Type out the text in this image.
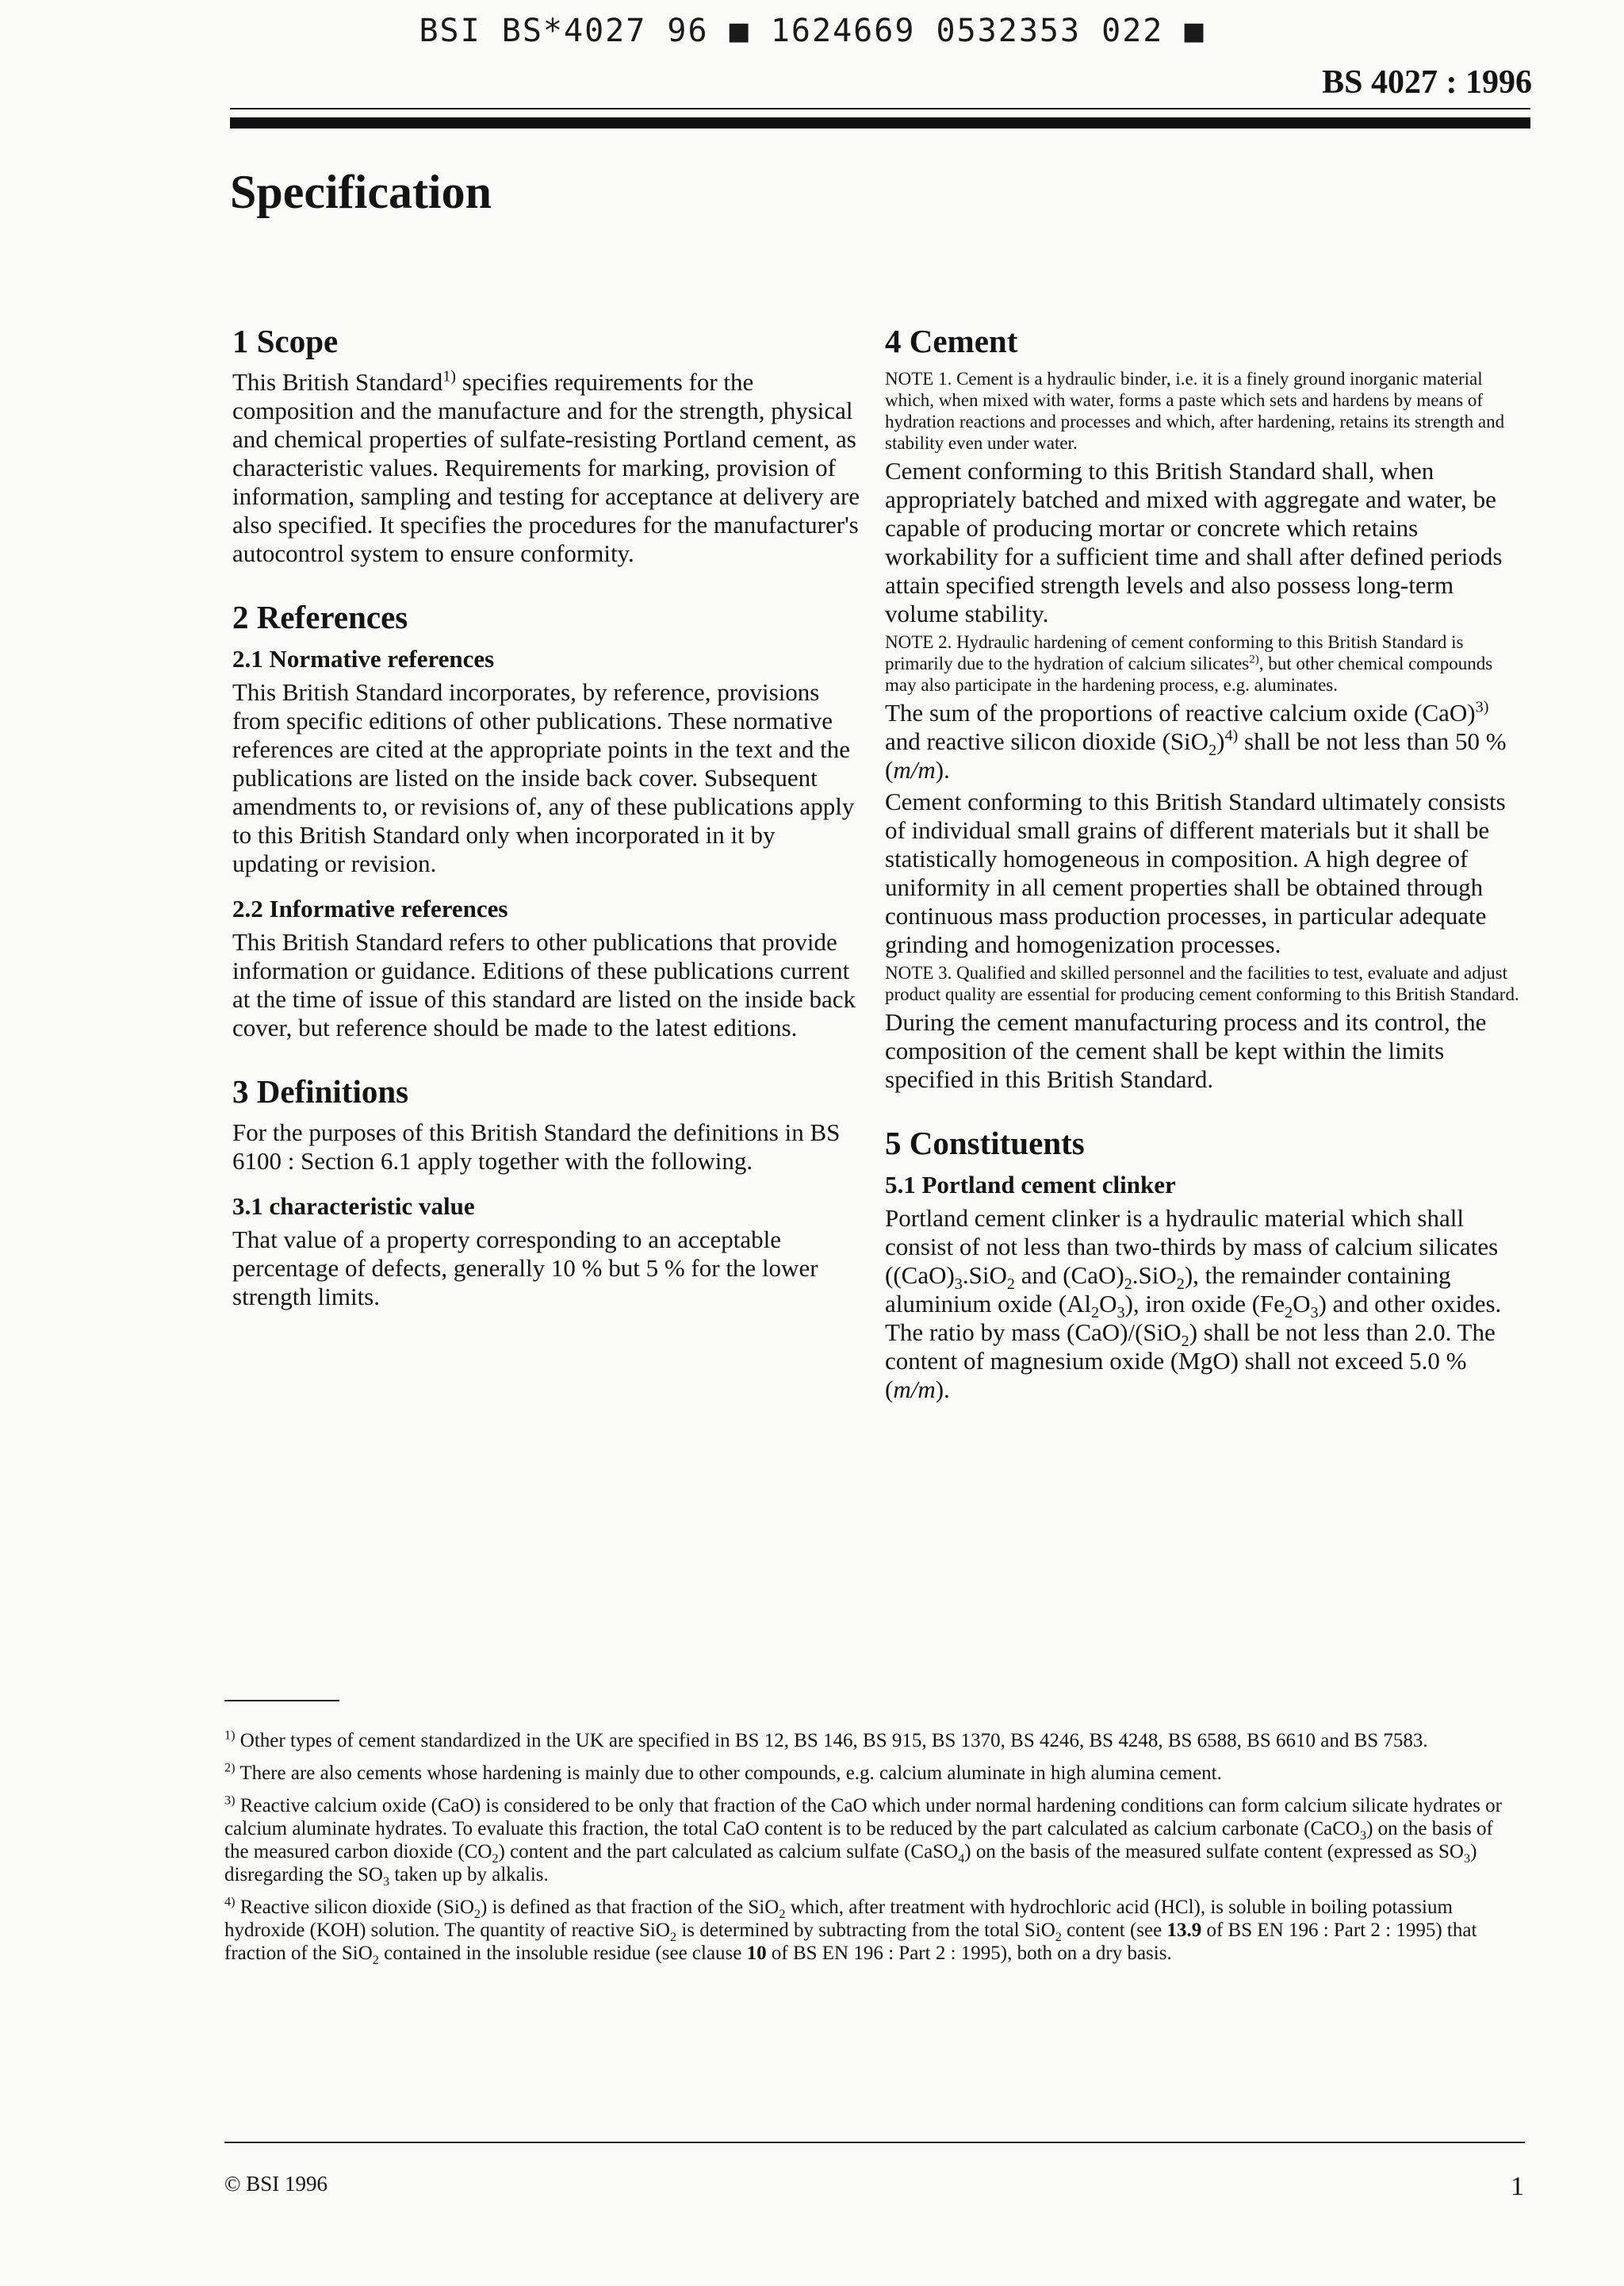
BSI BS*4027 96 ■ 1624669 0532353 022 ■
BS 4027 : 1996
Specification
1 Scope

This British Standard$^{1)}$ specifies requirements for the composition and the manufacture and for the strength, physical and chemical properties of sulfate-resisting Portland cement, as characteristic values. Requirements for marking, provision of information, sampling and testing for acceptance at delivery are also specified. It specifies the procedures for the manufacturer's autocontrol system to ensure conformity.

2 References
2.1 Normative references

This British Standard incorporates, by reference, provisions from specific editions of other publications. These normative references are cited at the appropriate points in the text and the publications are listed on the inside back cover. Subsequent amendments to, or revisions of, any of these publications apply to this British Standard only when incorporated in it by updating or revision.

2.2 Informative references

This British Standard refers to other publications that provide information or guidance. Editions of these publications current at the time of issue of this standard are listed on the inside back cover, but reference should be made to the latest editions.

3 Definitions

For the purposes of this British Standard the definitions in BS 6100 : Section 6.1 apply together with the following.

3.1 characteristic value

That value of a property corresponding to an acceptable percentage of defects, generally 10 % but 5 % for the lower strength limits.

4 Cement

NOTE 1. Cement is a hydraulic binder, i.e. it is a finely ground inorganic material which, when mixed with water, forms a paste which sets and hardens by means of hydration reactions and processes and which, after hardening, retains its strength and stability even under water.

Cement conforming to this British Standard shall, when appropriately batched and mixed with aggregate and water, be capable of producing mortar or concrete which retains workability for a sufficient time and shall after defined periods attain specified strength levels and also possess long-term volume stability.

NOTE 2. Hydraulic hardening of cement conforming to this British Standard is primarily due to the hydration of calcium silicates$^{2)}$, but other chemical compounds may also participate in the hardening process, e.g. aluminates.

The sum of the proportions of reactive calcium oxide (CaO)$^{3)}$ and reactive silicon dioxide (SiO$_2$)$^{4)}$ shall be not less than 50 % (m/m).

Cement conforming to this British Standard ultimately consists of individual small grains of different materials but it shall be statistically homogeneous in composition. A high degree of uniformity in all cement properties shall be obtained through continuous mass production processes, in particular adequate grinding and homogenization processes.

NOTE 3. Qualified and skilled personnel and the facilities to test, evaluate and adjust product quality are essential for producing cement conforming to this British Standard.

During the cement manufacturing process and its control, the composition of the cement shall be kept within the limits specified in this British Standard.

5 Constituents
5.1 Portland cement clinker

Portland cement clinker is a hydraulic material which shall consist of not less than two-thirds by mass of calcium silicates ($(CaO)_3.SiO_2$ and $(CaO)_2.SiO_2$), the remainder containing aluminium oxide $(Al_2O_3)$, iron oxide $(Fe_2O_3)$ and other oxides. The ratio by mass (CaO)/(SiO$_2$) shall be not less than 2.0. The content of magnesium oxide (MgO) shall not exceed 5.0 % (m/m).

$^{1)}$ Other types of cement standardized in the UK are specified in BS 12, BS 146, BS 915, BS 1370, BS 4246, BS 4248, BS 6588, BS 6610 and BS 7583.

$^{2)}$ There are also cements whose hardening is mainly due to other compounds, e.g. calcium aluminate in high alumina cement.

$^{3)}$ Reactive calcium oxide (CaO) is considered to be only that fraction of the CaO which under normal hardening conditions can form calcium silicate hydrates or calcium aluminate hydrates. To evaluate this fraction, the total CaO content is to be reduced by the part calculated as calcium carbonate (CaCO$_3$) on the basis of the measured carbon dioxide $(CO_2)$ content and the part calculated as calcium sulfate (CaSO$_4$) on the basis of the measured sulfate content (expressed as $SO_3$) disregarding the $SO_3$ taken up by alkalis.

$^{4)}$ Reactive silicon dioxide (SiO$_2$) is defined as that fraction of the SiO$_2$ which, after treatment with hydrochloric acid (HCl), is soluble in boiling potassium hydroxide (KOH) solution. The quantity of reactive SiO$_2$ is determined by subtracting from the total SiO$_2$ content (see 13.9 of BS EN 196 : Part 2 : 1995) that fraction of the SiO$_2$ contained in the insoluble residue (see clause 10 of BS EN 196 : Part 2 : 1995), both on a dry basis.

© BSI 1996	1
